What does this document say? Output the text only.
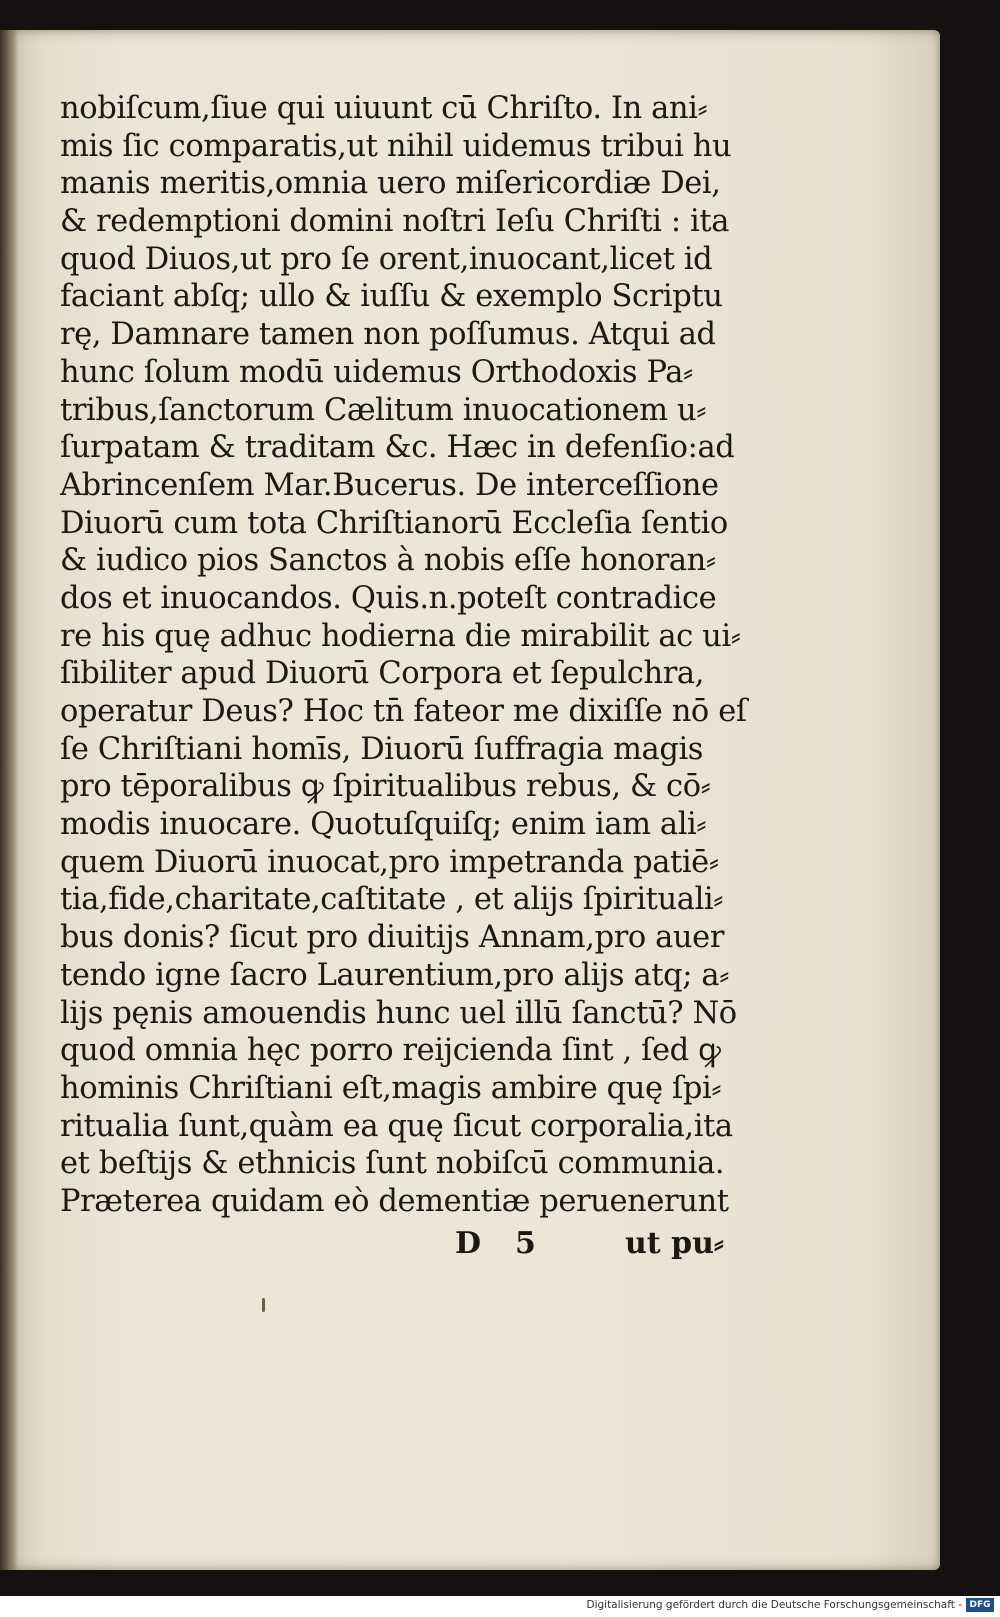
nobiſcum,ſiue qui uiuunt cū Chriſto. In ani⸗
mis ſic comparatis,ut nihil uidemus tribui hu
manis meritis,omnia uero miſericordiæ Dei,
& redemptioni domini noſtri Ieſu Chriſti : ita
quod Diuos,ut pro ſe orent,inuocant,licet id
faciant abſq; ullo & iuſſu & exemplo Scriptu
rę, Damnare tamen non poſſumus. Atqui ad
hunc ſolum modū uidemus Orthodoxis Pa⸗
tribus,ſanctorum Cælitum inuocationem u⸗
ſurpatam & traditam &c. Hæc in defenſio:ad
Abrincenſem Mar.Bucerus. De interceſſione
Diuorū cum tota Chriſtianorū Eccleſia ſentio
& iudico pios Sanctos à nobis eſſe honoran⸗
dos et inuocandos. Quis.n.poteſt contradice
re his quę adhuc hodierna die mirabilit ac ui⸗
ſibiliter apud Diuorū Corpora et ſepulchra,
operatur Deus? Hoc tn̄ fateor me dixiſſe nō eſ
ſe Chriſtiani homīs, Diuorū ſuffragia magis
pro tēporalibus ꝙ ſpiritualibus rebus, & cō⸗
modis inuocare. Quotuſquiſq; enim iam ali⸗
quem Diuorū inuocat,pro impetranda patiē⸗
tia,fide,charitate,caſtitate , et alijs ſpirituali⸗
bus donis? ſicut pro diuitijs Annam,pro auer
tendo igne ſacro Laurentium,pro alijs atq; a⸗
lijs pęnis amouendis hunc uel illū ſanctū? Nō
quod omnia hęc porro reijcienda ſint , ſed ꝙ
hominis Chriſtiani eſt,magis ambire quę ſpi⸗
ritualia ſunt,quàm ea quę ſicut corporalia,ita
et beſtijs & ethnicis ſunt nobiſcū communia.
Præterea quidam eò dementiæ peruenerunt
D 5	ut pu⸗
Digitalisierung gefördert durch die Deutsche Forschungsgemeinschaft - DFG
